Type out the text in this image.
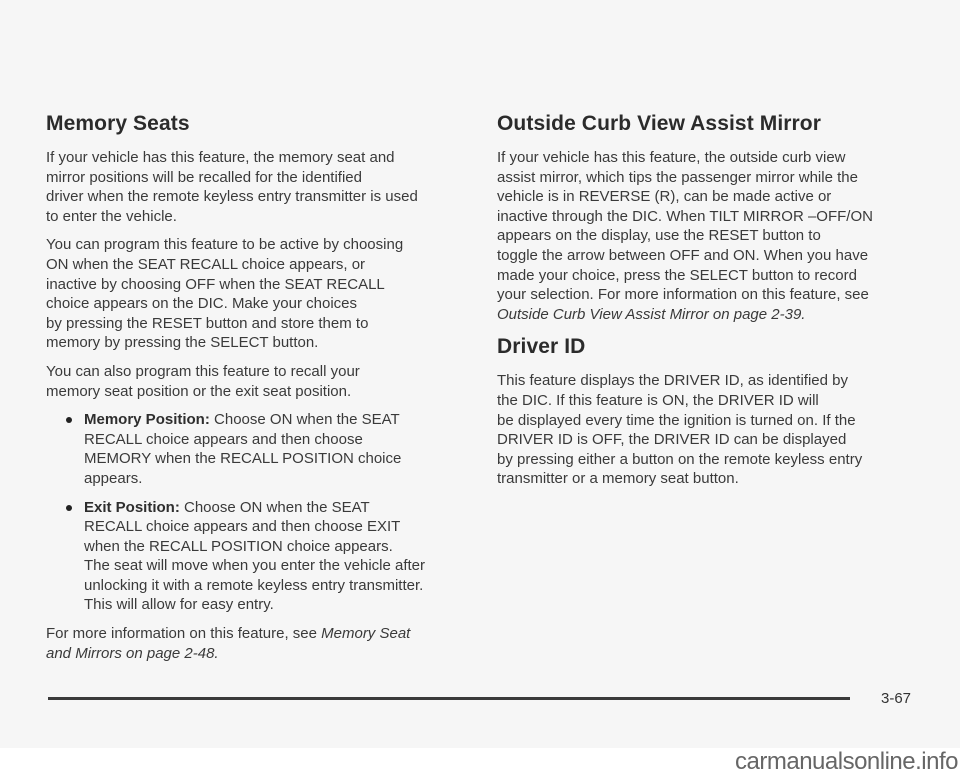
Memory Seats

If your vehicle has this feature, the memory seat and
mirror positions will be recalled for the identified
driver when the remote keyless entry transmitter is used
to enter the vehicle.

You can program this feature to be active by choosing
ON when the SEAT RECALL choice appears, or
inactive by choosing OFF when the SEAT RECALL
choice appears on the DIC. Make your choices
by pressing the RESET button and store them to
memory by pressing the SELECT button.

You can also program this feature to recall your
memory seat position or the exit seat position.

Memory Position: Choose ON when the SEAT
RECALL choice appears and then choose
MEMORY when the RECALL POSITION choice
appears.
Exit Position: Choose ON when the SEAT
RECALL choice appears and then choose EXIT
when the RECALL POSITION choice appears.
The seat will move when you enter the vehicle after
unlocking it with a remote keyless entry transmitter.
This will allow for easy entry.

For more information on this feature, see Memory Seat
and Mirrors on page 2-48.

Outside Curb View Assist Mirror

If your vehicle has this feature, the outside curb view
assist mirror, which tips the passenger mirror while the
vehicle is in REVERSE (R), can be made active or
inactive through the DIC. When TILT MIRROR –OFF/ON
appears on the display, use the RESET button to
toggle the arrow between OFF and ON. When you have
made your choice, press the SELECT button to record
your selection. For more information on this feature, see
Outside Curb View Assist Mirror on page 2-39.

Driver ID

This feature displays the DRIVER ID, as identified by
the DIC. If this feature is ON, the DRIVER ID will
be displayed every time the ignition is turned on. If the
DRIVER ID is OFF, the DRIVER ID can be displayed
by pressing either a button on the remote keyless entry
transmitter or a memory seat button.

3-67
carmanualsonline.info
